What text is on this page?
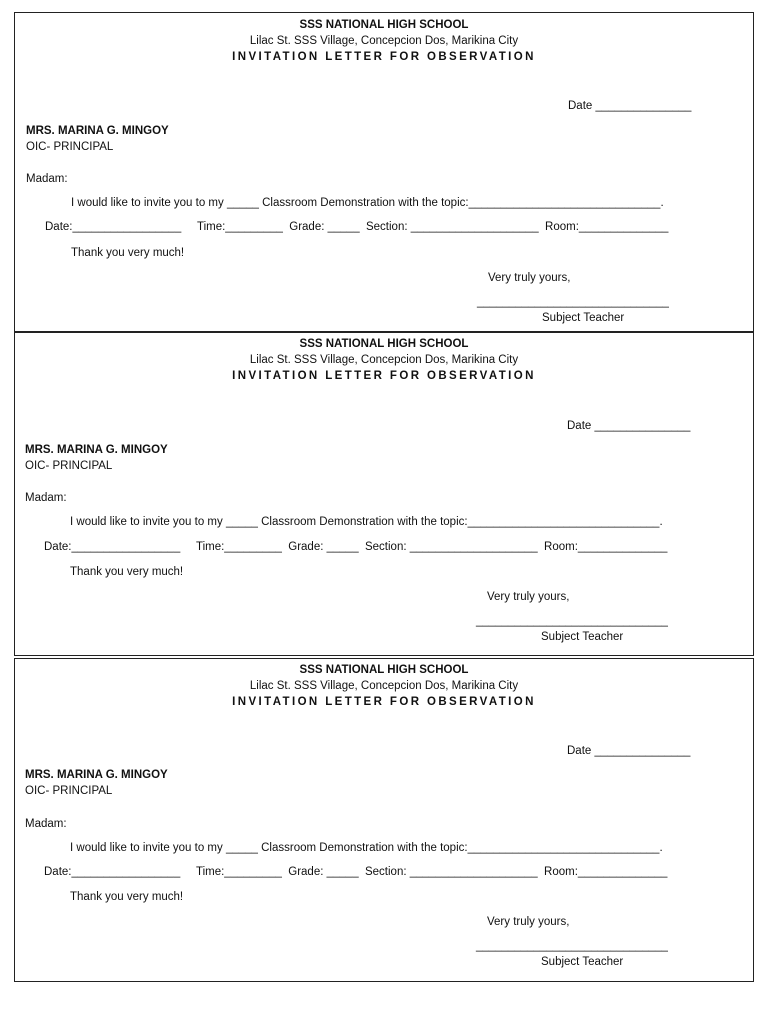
SSS NATIONAL HIGH SCHOOL
Lilac St. SSS Village, Concepcion Dos, Marikina City
INVITATION LETTER FOR OBSERVATION
Date _______________
MRS. MARINA G. MINGOY
OIC- PRINCIPAL
Madam:
I would like to invite you to my _____ Classroom Demonstration with the topic:______________________________.
Date:_________________     Time:_________  Grade: _____  Section: ____________________  Room:______________
Thank you very much!
Very truly yours,
______________________________
Subject Teacher
SSS NATIONAL HIGH SCHOOL
Lilac St. SSS Village, Concepcion Dos, Marikina City
INVITATION LETTER FOR OBSERVATION
Date _______________
MRS. MARINA G. MINGOY
OIC- PRINCIPAL
Madam:
I would like to invite you to my _____ Classroom Demonstration with the topic:______________________________.
Date:_________________     Time:_________  Grade: _____  Section: ____________________  Room:______________
Thank you very much!
Very truly yours,
______________________________
Subject Teacher
SSS NATIONAL HIGH SCHOOL
Lilac St. SSS Village, Concepcion Dos, Marikina City
INVITATION LETTER FOR OBSERVATION
Date _______________
MRS. MARINA G. MINGOY
OIC- PRINCIPAL
Madam:
I would like to invite you to my _____ Classroom Demonstration with the topic:______________________________.
Date:_________________     Time:_________  Grade: _____  Section: ____________________  Room:______________
Thank you very much!
Very truly yours,
______________________________
Subject Teacher
